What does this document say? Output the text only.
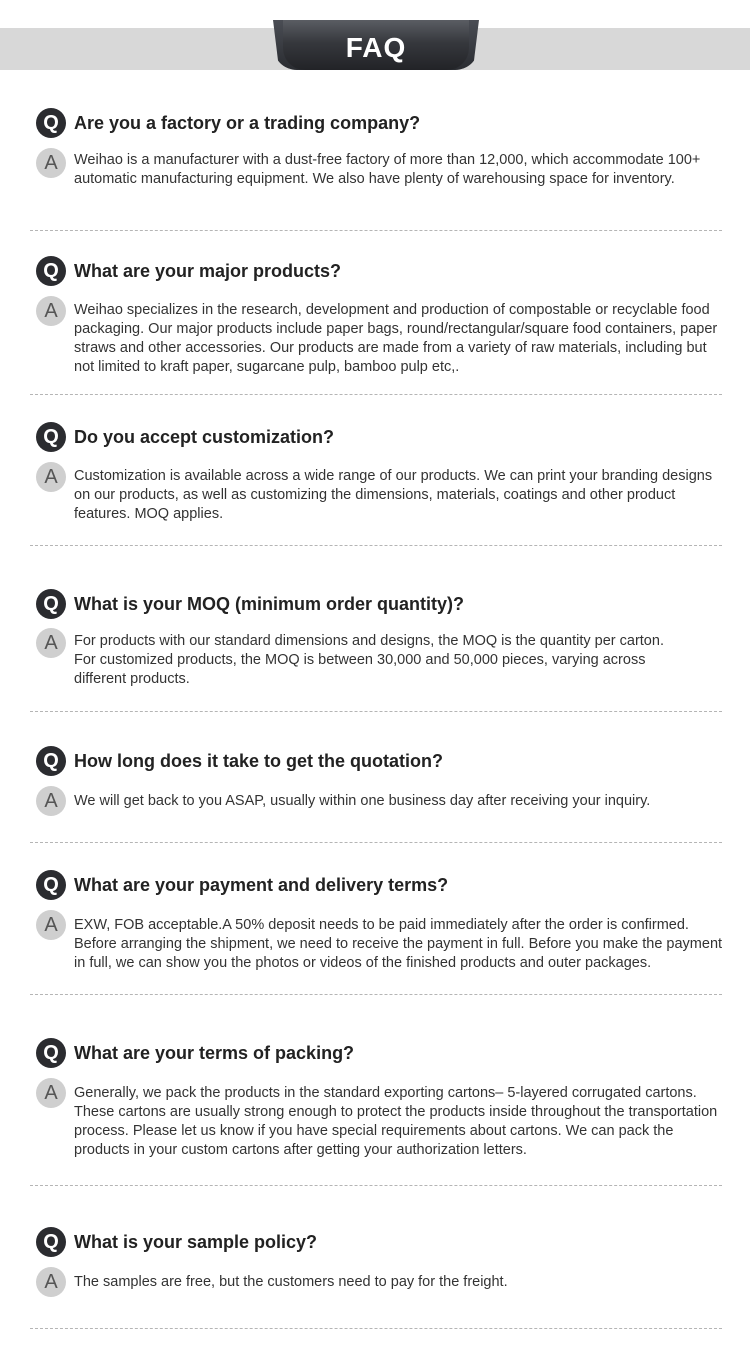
FAQ
Q Are you a factory or a trading company?
A	Weihao is a manufacturer with a dust-free factory of more than 12,000, which accommodate 100+ automatic manufacturing equipment. We also have plenty of warehousing space for inventory.
Q What are your major products?
A	Weihao specializes in the research, development and production of compostable or recyclable food packaging. Our major products include paper bags, round/rectangular/square food containers, paper straws and other accessories. Our products are made from a variety of raw materials, including but not limited to kraft paper, sugarcane pulp, bamboo pulp etc,.
Q Do you accept customization?
A	Customization is available across a wide range of our products. We can print your branding designs on our products, as well as customizing the dimensions, materials, coatings and other product features. MOQ applies.
Q What is your MOQ (minimum order quantity)?
A	For products with our standard dimensions and designs, the MOQ is the quantity per carton. For customized products, the MOQ is between 30,000 and 50,000 pieces, varying across different products.
Q How long does it take to get the quotation?
A	We will get back to you ASAP, usually within one business day after receiving your inquiry.
Q What are your payment and delivery terms?
A	EXW, FOB acceptable.A 50% deposit needs to be paid immediately after the order is confirmed. Before arranging the shipment, we need to receive the payment in full. Before you make the payment in full, we can show you the photos or videos of the finished products and outer packages.
Q What are your terms of packing?
A	Generally, we pack the products in the standard exporting cartons– 5-layered corrugated cartons. These cartons are usually strong enough to protect the products inside throughout the transportation process. Please let us know if you have special requirements about cartons. We can pack the products in your custom cartons after getting your authorization letters.
Q What is your sample policy?
A	The samples are free, but the customers need to pay for the freight.
